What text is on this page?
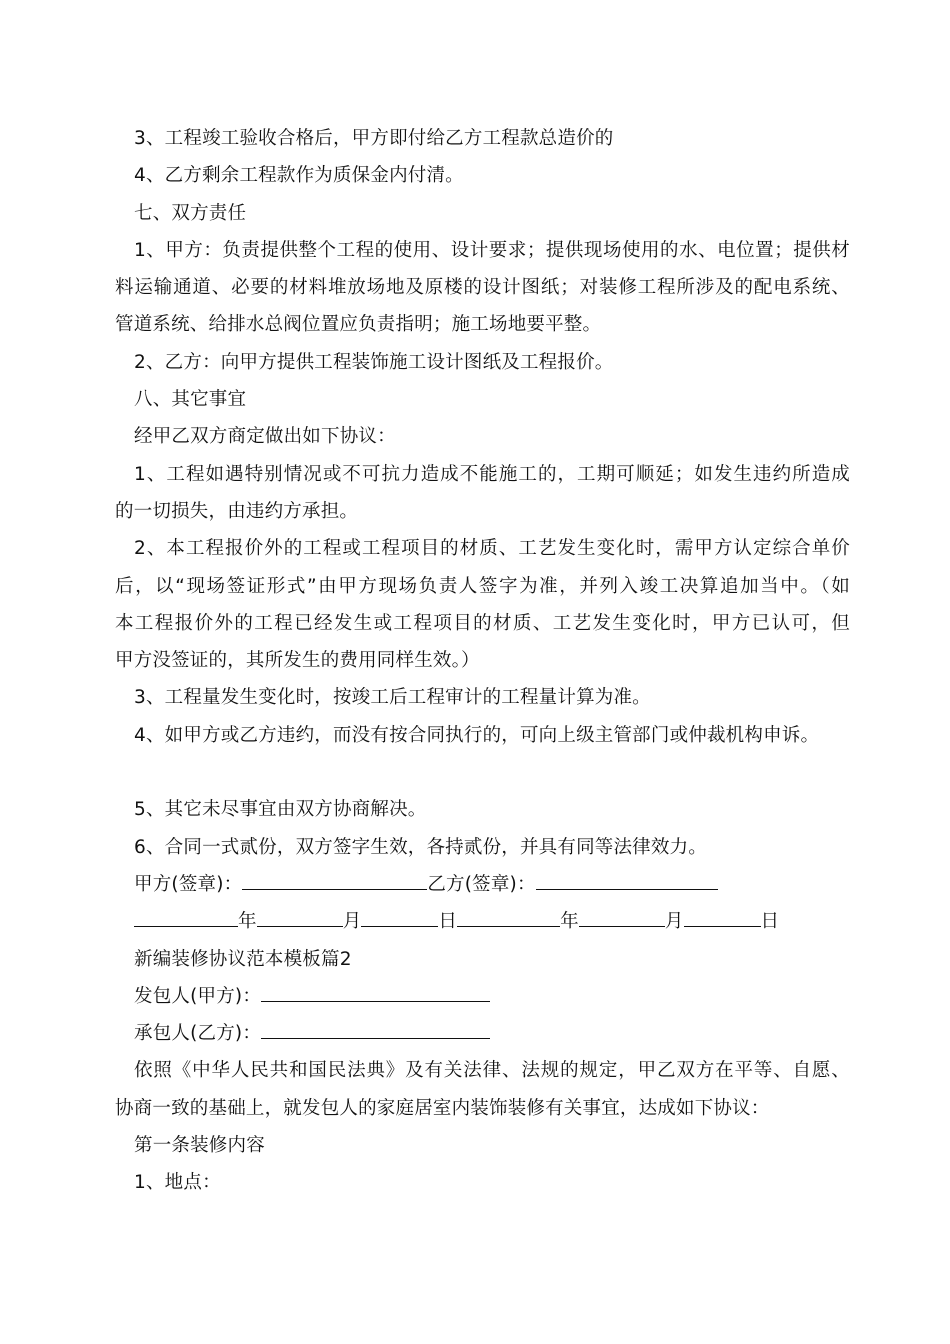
3、工程竣工验收合格后，甲方即付给乙方工程款总造价的
4、乙方剩余工程款作为质保金内付清。
七、双方责任
1、甲方：负责提供整个工程的使用、设计要求；提供现场使用的水、电位置；提供材
料运输通道、必要的材料堆放场地及原楼的设计图纸；对装修工程所涉及的配电系统、
管道系统、给排水总阀位置应负责指明；施工场地要平整。
2、乙方：向甲方提供工程装饰施工设计图纸及工程报价。
八、其它事宜
经甲乙双方商定做出如下协议：
1、工程如遇特别情况或不可抗力造成不能施工的，工期可顺延；如发生违约所造成
的一切损失，由违约方承担。
2、本工程报价外的工程或工程项目的材质、工艺发生变化时，需甲方认定综合单价
后，以“现场签证形式”由甲方现场负责人签字为准，并列入竣工决算追加当中。（如
本工程报价外的工程已经发生或工程项目的材质、工艺发生变化时，甲方已认可，但
甲方没签证的，其所发生的费用同样生效。）
3、工程量发生变化时，按竣工后工程审计的工程量计算为准。
4、如甲方或乙方违约，而没有按合同执行的，可向上级主管部门或仲裁机构申诉。
5、其它未尽事宜由双方协商解决。
6、合同一式贰份，双方签字生效，各持贰份，并具有同等法律效力。
甲方(签章)：	乙方(签章)：
年	月	日	年	月	日
新编装修协议范本模板篇2
发包人(甲方)：
承包人(乙方)：
依照《中华人民共和国民法典》及有关法律、法规的规定，甲乙双方在平等、自愿、
协商一致的基础上，就发包人的家庭居室内装饰装修有关事宜，达成如下协议：
第一条装修内容
1、地点：
